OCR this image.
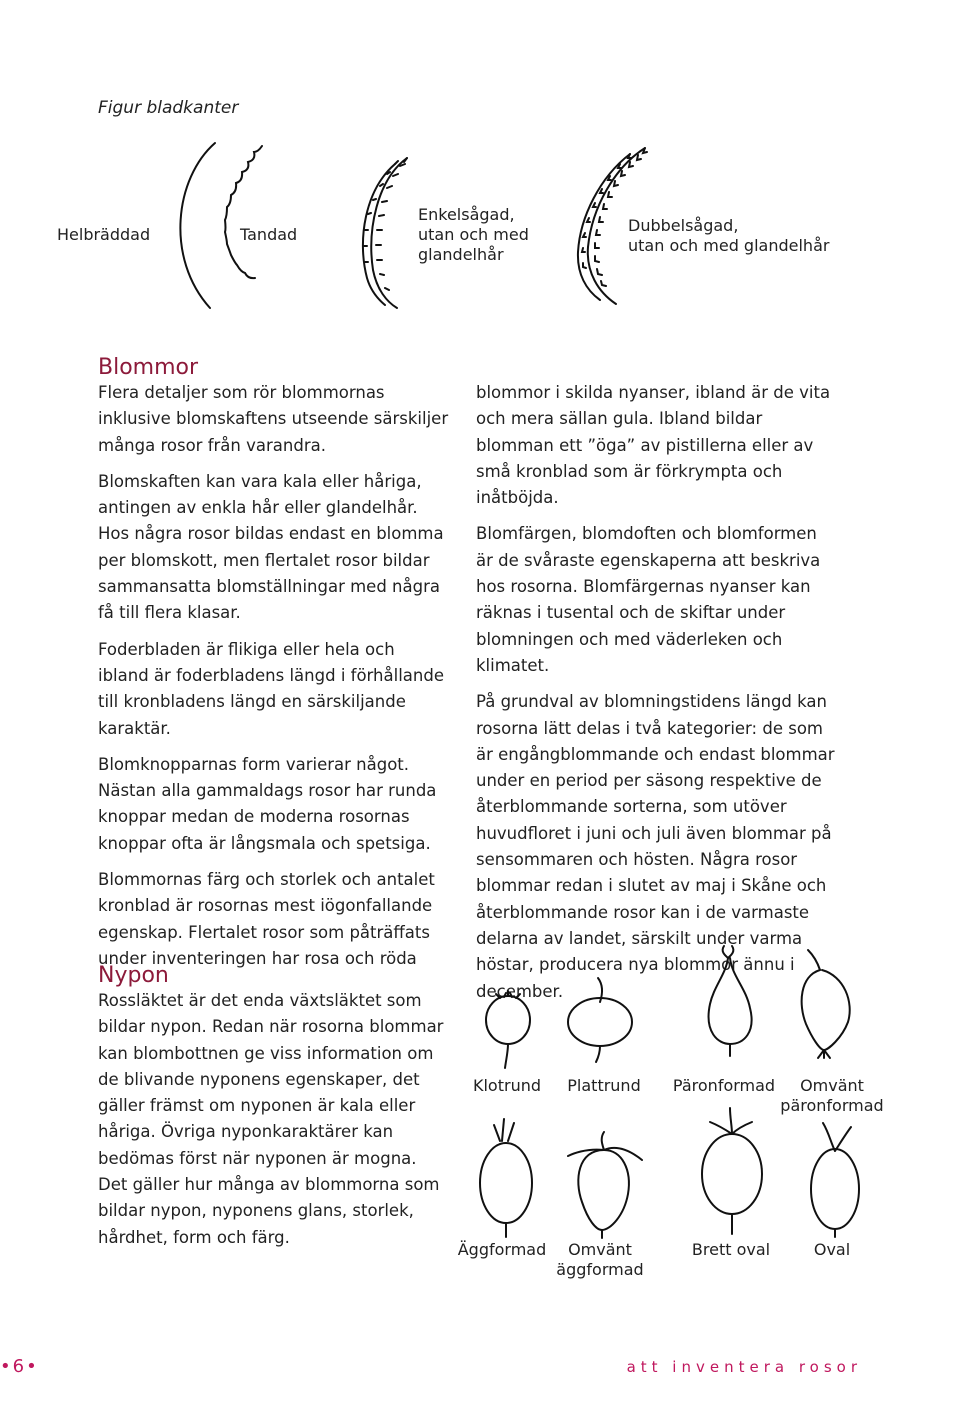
Figur bladkanter
Helbräddad	Tandad
Enkelsågad,
utan och med
glandelhår
Dubbelsågad,
utan och med glandelhår
Blommor

Flera detaljer som rör blommornas inklusive blomskaftens utseende särskiljer många rosor från varandra.

Blomskaften kan vara kala eller håriga, antingen av enkla hår eller glandelhår. Hos några rosor bildas endast en blomma per blomskott, men flertalet rosor bildar sammansatta blomställningar med några få till flera klasar.

Foderbladen är flikiga eller hela och ibland är foderbladens längd i förhållande till kronbladens längd en särskiljande karaktär.

Blomknopparnas form varierar något. Nästan alla gammaldags rosor har runda knoppar medan de moderna rosornas knoppar ofta är långsmala och spetsiga.

Blommornas färg och storlek och antalet kronblad är rosornas mest iögonfallande egenskap. Flertalet rosor som påträffats under inventeringen har rosa och röda

blommor i skilda nyanser, ibland är de vita och mera sällan gula. Ibland bildar blomman ett ”öga” av pistillerna eller av små kronblad som är förkrympta och inåtböjda.

Blomfärgen, blomdoften och blomformen är de svåraste egenskaperna att beskriva hos rosorna. Blomfärgernas nyanser kan räknas i tusental och de skiftar under blomningen och med väderleken och klimatet.

På grundval av blomningstidens längd kan rosorna lätt delas i två kategorier: de som är engångblommande och endast blommar under en period per säsong respektive de återblommande sorterna, som utöver huvudfloret i juni och juli även blommar på sensommaren och hösten. Några rosor blommar redan i slutet av maj i Skåne och återblommande rosor kan i de varmaste delarna av landet, särskilt under varma höstar, producera nya blommor ännu i december.

Nypon

Rossläktet är det enda växtsläktet som bildar nypon. Redan när rosorna blommar kan blombottnen ge viss information om de blivande nyponens egenskaper, det gäller främst om nyponen är kala eller håriga. Övriga nyponkaraktärer kan bedömas först när nyponen är mogna. Det gäller hur många av blommorna som bildar nypon, nyponens glans, storlek, hårdhet, form och färg.

Klotrund	Plattrund	Päronformad	Omvänt
päronformad
Äggformad	Omvänt
äggformad
Brett oval	Oval
• 6 •	att inventera rosor
